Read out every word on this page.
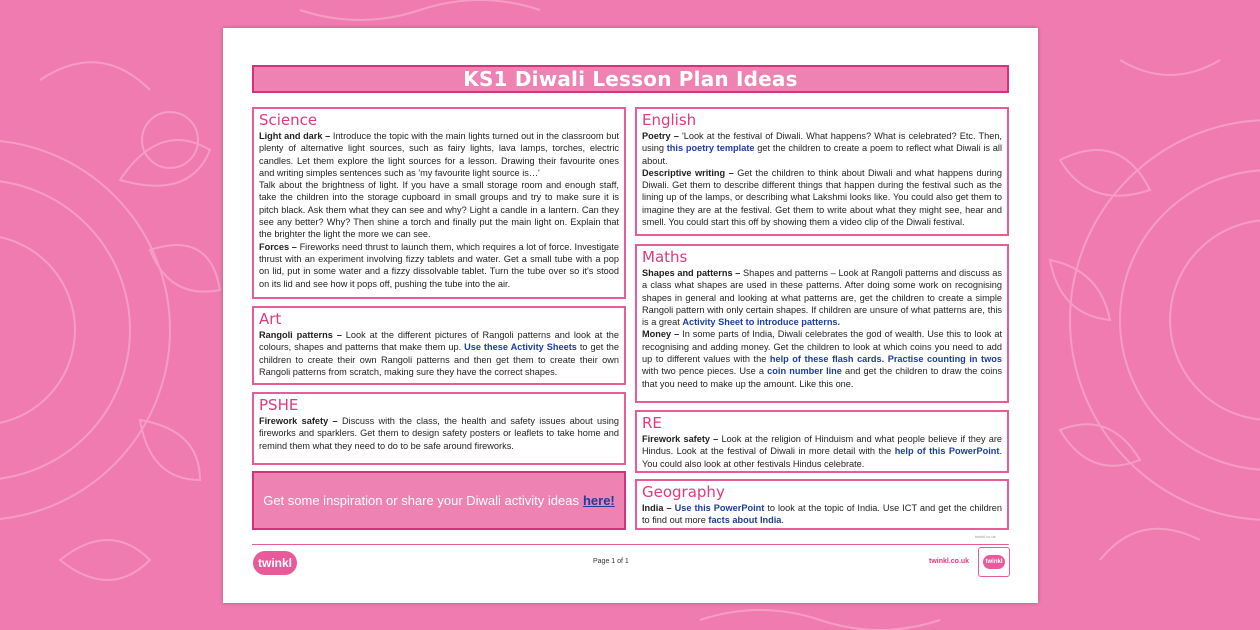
KS1 Diwali Lesson Plan Ideas
Science

Light and dark – Introduce the topic with the main lights turned out in the classroom but plenty of alternative light sources, such as fairy lights, lava lamps, torches, electric candles. Let them explore the light sources for a lesson. Drawing their favourite ones and writing simples sentences such as 'my favourite light source is…'

Talk about the brightness of light. If you have a small storage room and enough staff, take the children into the storage cupboard in small groups and try to make sure it is pitch black. Ask them what they can see and why? Light a candle in a lantern. Can they see any better? Why? Then shine a torch and finally put the main light on. Explain that the brighter the light the more we can see.

Forces – Fireworks need thrust to launch them, which requires a lot of force. Investigate thrust with an experiment involving fizzy tablets and water. Get a small tube with a pop on lid, put in some water and a fizzy dissolvable tablet. Turn the tube over so it's stood on its lid and see how it pops off, pushing the tube into the air.

Art

Rangoli patterns – Look at the different pictures of Rangoli patterns and look at the colours, shapes and patterns that make them up. Use these Activity Sheets to get the children to create their own Rangoli patterns and then get them to create their own Rangoli patterns from scratch, making sure they have the correct shapes.

PSHE

Firework safety – Discuss with the class, the health and safety issues about using fireworks and sparklers. Get them to design safety posters or leaflets to take home and remind them what they need to do to be safe around fireworks.

Get some inspiration or share your Diwali activity ideas here!
English

Poetry – 'Look at the festival of Diwali. What happens? What is celebrated? Etc. Then, using this poetry template get the children to create a poem to reflect what Diwali is all about.

Descriptive writing – Get the children to think about Diwali and what happens during Diwali. Get them to describe different things that happen during the festival such as the lining up of the lamps, or describing what Lakshmi looks like. You could also get them to imagine they are at the festival. Get them to write about what they might see, hear and smell. You could start this off by showing them a video clip of the Diwali festival.

Maths

Shapes and patterns – Shapes and patterns – Look at Rangoli patterns and discuss as a class what shapes are used in these patterns. After doing some work on recognising shapes in general and looking at what patterns are, get the children to create a simple Rangoli pattern with only certain shapes. If children are unsure of what patterns are, this is a great Activity Sheet to introduce patterns.

Money – In some parts of India, Diwali celebrates the god of wealth. Use this to look at recognising and adding money. Get the children to look at which coins you need to add up to different values with the help of these flash cards. Practise counting in twos with two pence pieces. Use a coin number line and get the children to draw the coins that you need to make up the amount. Like this one.

RE

Firework safety – Look at the religion of Hinduism and what people believe if they are Hindus. Look at the festival of Diwali in more detail with the help of this PowerPoint. You could also look at other festivals Hindus celebrate.

Geography

India – Use this PowerPoint to look at the topic of India. Use ICT and get the children to find out more facts about India.

twinkl.co.uk
twinkl	Page 1 of 1	twinkl.co.uk	twinkl
